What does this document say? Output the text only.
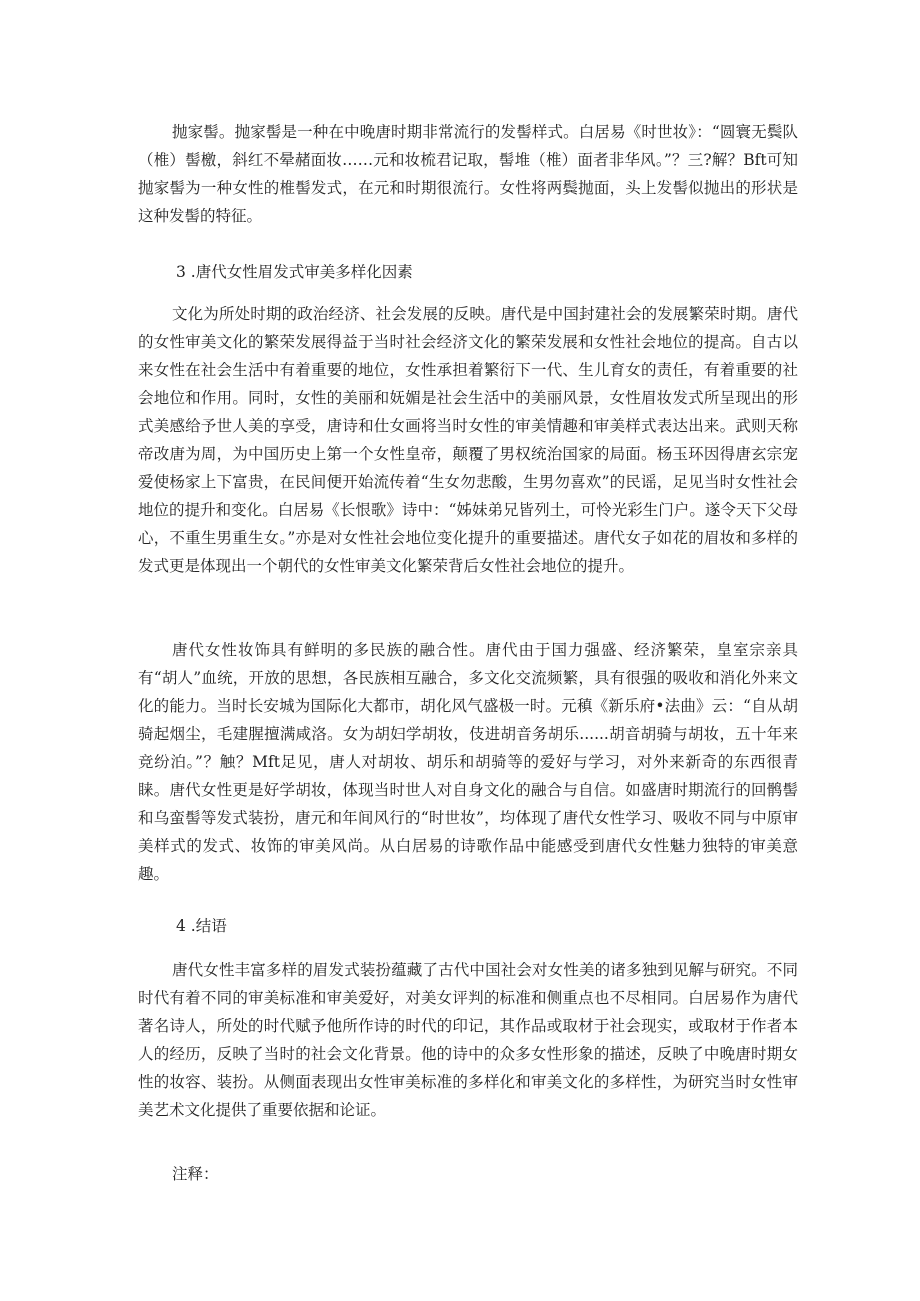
抛家髻。抛家髻是一种在中晚唐时期非常流行的发髻样式。白居易《时世妆》：“圆寰无鬓队（椎）髻檄，斜红不晕赭面妆……元和妆梳君记取，髻堆（椎）面者非华风。”？三?解？Bft可知抛家髻为一种女性的椎髻发式，在元和时期很流行。女性将两鬓抛面，头上发髻似抛出的形状是这种发髻的特征。

3 .唐代女性眉发式审美多样化因素

文化为所处时期的政治经济、社会发展的反映。唐代是中国封建社会的发展繁荣时期。唐代的女性审美文化的繁荣发展得益于当时社会经济文化的繁荣发展和女性社会地位的提高。自古以来女性在社会生活中有着重要的地位，女性承担着繁衍下一代、生儿育女的责任，有着重要的社会地位和作用。同时，女性的美丽和妩媚是社会生活中的美丽风景，女性眉妆发式所呈现出的形式美感给予世人美的享受，唐诗和仕女画将当时女性的审美情趣和审美样式表达出来。武则天称帝改唐为周，为中国历史上第一个女性皇帝，颠覆了男权统治国家的局面。杨玉环因得唐玄宗宠爱使杨家上下富贵，在民间便开始流传着“生女勿悲酸，生男勿喜欢”的民谣，足见当时女性社会地位的提升和变化。白居易《长恨歌》诗中：“姊妹弟兄皆列土，可怜光彩生门户。遂令天下父母心，不重生男重生女。”亦是对女性社会地位变化提升的重要描述。唐代女子如花的眉妆和多样的发式更是体现出一个朝代的女性审美文化繁荣背后女性社会地位的提升。

唐代女性妆饰具有鲜明的多民族的融合性。唐代由于国力强盛、经济繁荣，皇室宗亲具有“胡人”血统，开放的思想，各民族相互融合，多文化交流频繁，具有很强的吸收和消化外来文化的能力。当时长安城为国际化大都市，胡化风气盛极一时。元稹《新乐府•法曲》云：“自从胡骑起烟尘，毛建腥擅满咸洛。女为胡妇学胡妆，伎进胡音务胡乐......胡音胡骑与胡妆，五十年来竞纷泊。”？触？Mft足见，唐人对胡妆、胡乐和胡骑等的爱好与学习，对外来新奇的东西很青睐。唐代女性更是好学胡妆，体现当时世人对自身文化的融合与自信。如盛唐时期流行的回鹘髻和乌蛮髻等发式装扮，唐元和年间风行的“时世妆”，均体现了唐代女性学习、吸收不同与中原审美样式的发式、妆饰的审美风尚。从白居易的诗歌作品中能感受到唐代女性魅力独特的审美意趣。

4 .结语

唐代女性丰富多样的眉发式装扮蕴藏了古代中国社会对女性美的诸多独到见解与研究。不同时代有着不同的审美标准和审美爱好，对美女评判的标准和侧重点也不尽相同。白居易作为唐代著名诗人，所处的时代赋予他所作诗的时代的印记，其作品或取材于社会现实，或取材于作者本人的经历，反映了当时的社会文化背景。他的诗中的众多女性形象的描述，反映了中晚唐时期女性的妆容、装扮。从侧面表现出女性审美标准的多样化和审美文化的多样性，为研究当时女性审美艺术文化提供了重要依据和论证。

注释：
